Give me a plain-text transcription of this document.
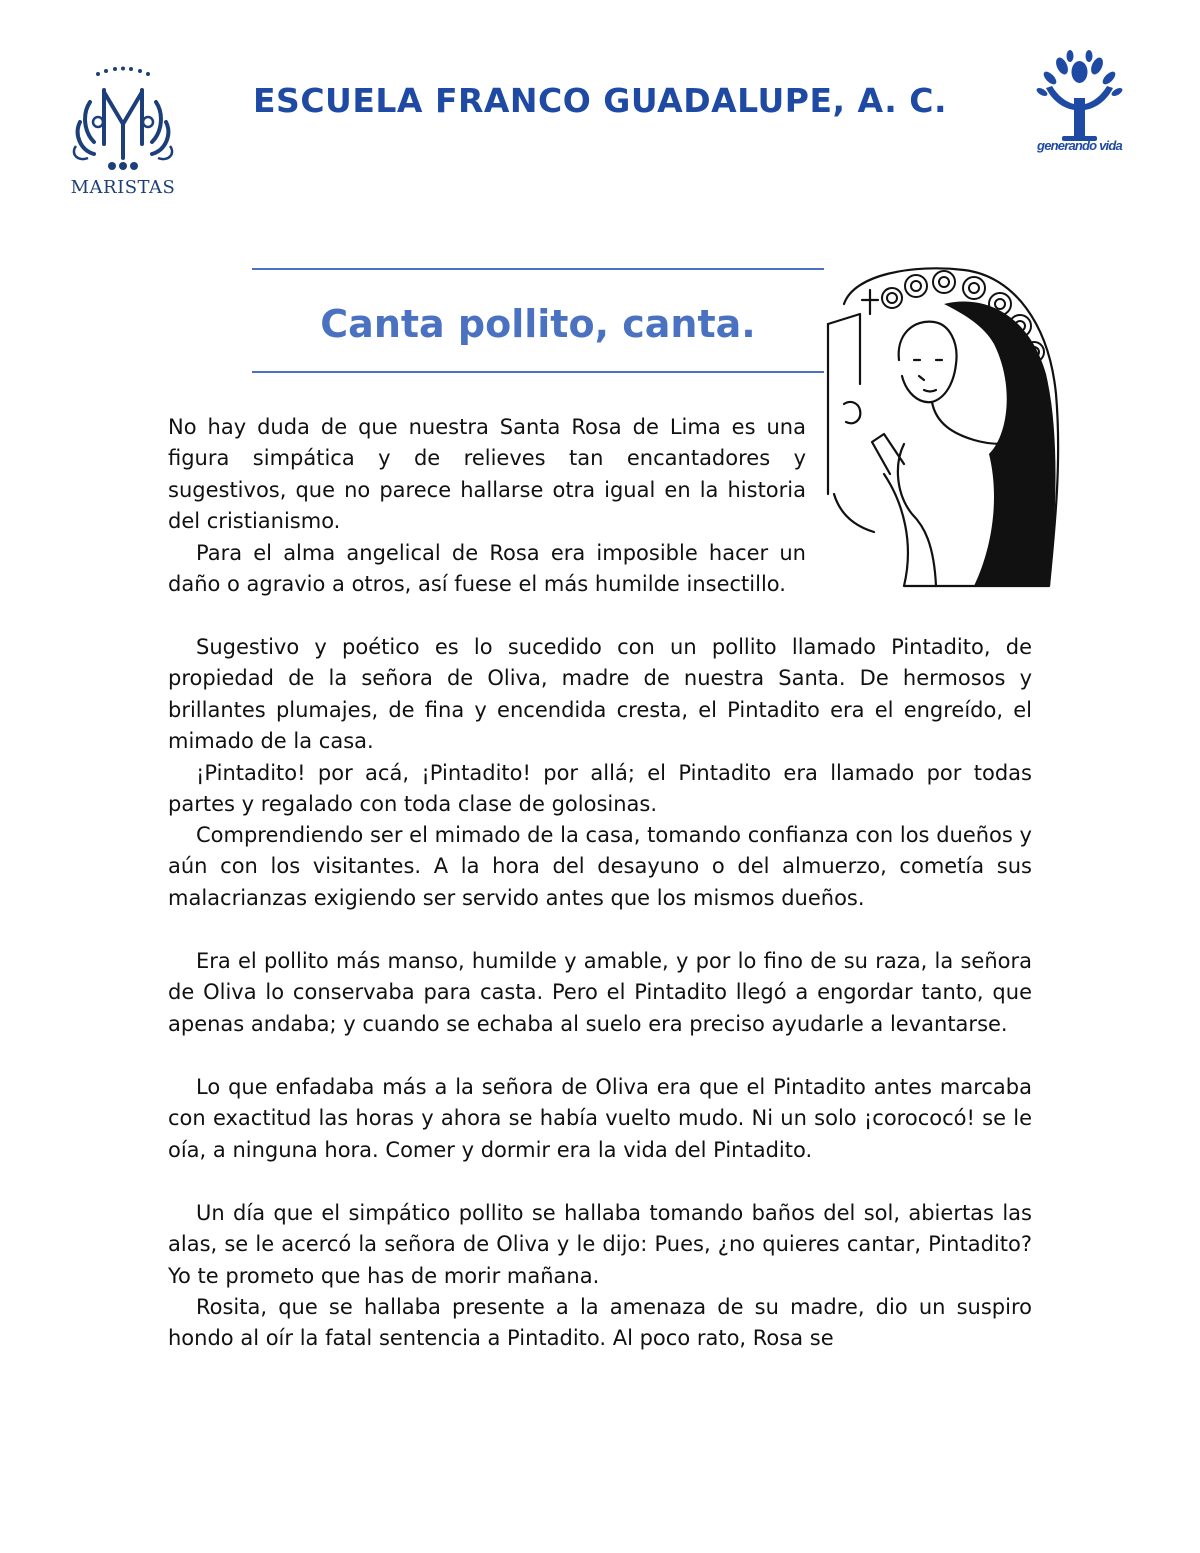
MARISTAS
ESCUELA FRANCO GUADALUPE, A. C.
generando vida
Canta pollito, canta.

No hay duda de que nuestra Santa Rosa de Lima es una figura simpática y de relieves tan encantadores y sugestivos, que no parece hallarse otra igual en la historia del cristianismo.

Para el alma angelical de Rosa era imposible hacer un daño o agravio a otros, así fuese el más humilde insectillo.

Sugestivo y poético es lo sucedido con un pollito llamado Pintadito, de propiedad de la señora de Oliva, madre de nuestra Santa. De hermosos y brillantes plumajes, de fina y encendida cresta, el Pintadito era el engreído, el mimado de la casa.

¡Pintadito! por acá, ¡Pintadito! por allá; el Pintadito era llamado por todas partes y regalado con toda clase de golosinas.

Comprendiendo ser el mimado de la casa, tomando confianza con los dueños y aún con los visitantes. A la hora del desayuno o del almuerzo, cometía sus malacrianzas exigiendo ser servido antes que los mismos dueños.

Era el pollito más manso, humilde y amable, y por lo fino de su raza, la señora de Oliva lo conservaba para casta. Pero el Pintadito llegó a engordar tanto, que apenas andaba; y cuando se echaba al suelo era preciso ayudarle a levantarse.

Lo que enfadaba más a la señora de Oliva era que el Pintadito antes marcaba con exactitud las horas y ahora se había vuelto mudo. Ni un solo ¡corococó! se le oía, a ninguna hora. Comer y dormir era la vida del Pintadito.

Un día que el simpático pollito se hallaba tomando baños del sol, abiertas las alas, se le acercó la señora de Oliva y le dijo: Pues, ¿no quieres cantar, Pintadito? Yo te prometo que has de morir mañana.

Rosita, que se hallaba presente a la amenaza de su madre, dio un suspiro hondo al oír la fatal sentencia a Pintadito. Al poco rato, Rosa se
